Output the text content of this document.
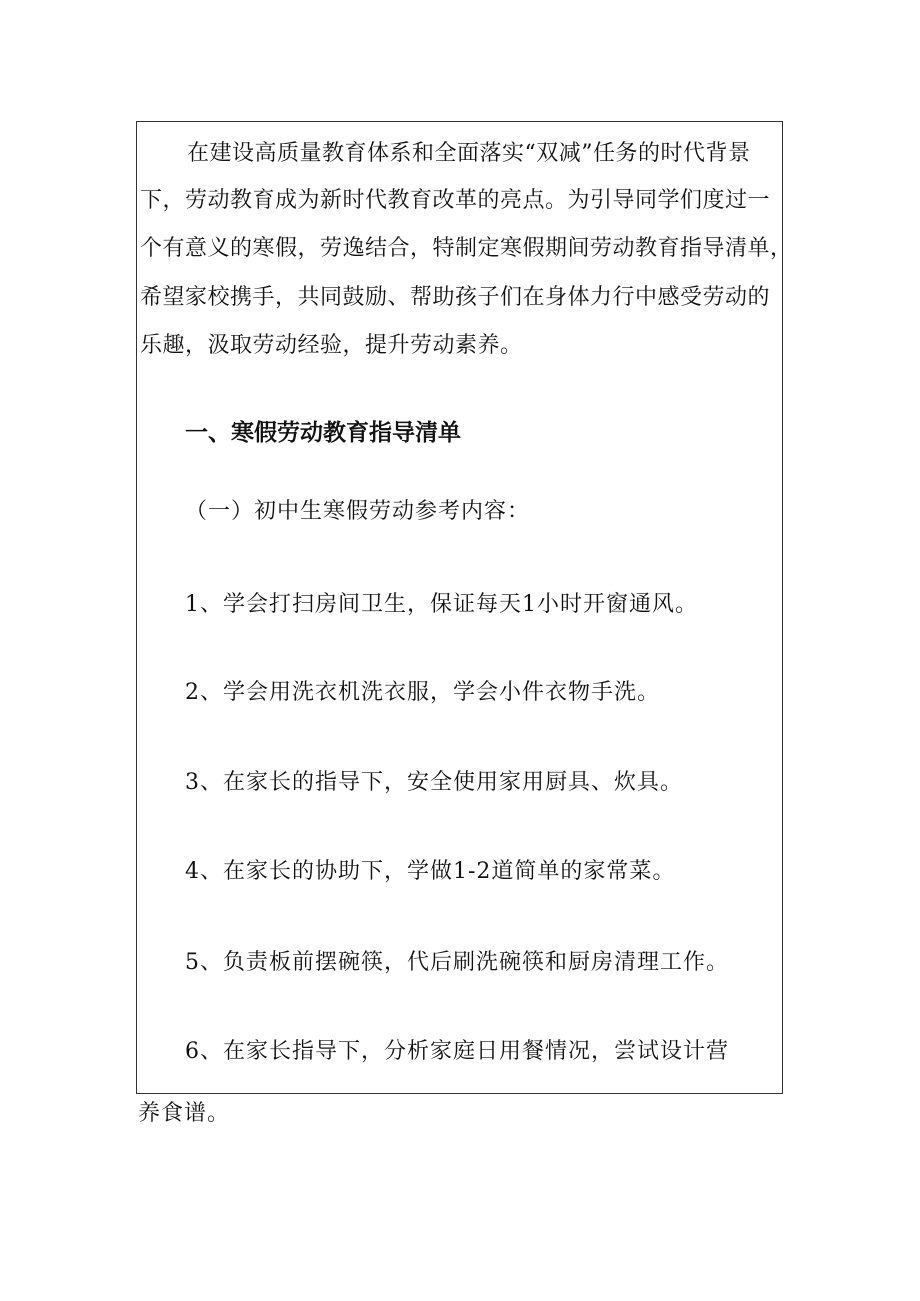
在建设高质量教育体系和全面落实“双减”任务的时代背景
下，劳动教育成为新时代教育改革的亮点。为引导同学们度过一
个有意义的寒假，劳逸结合，特制定寒假期间劳动教育指导清单，
希望家校携手，共同鼓励、帮助孩子们在身体力行中感受劳动的
乐趣，汲取劳动经验，提升劳动素养。
一、寒假劳动教育指导清单
（一）初中生寒假劳动参考内容：
1、学会打扫房间卫生，保证每天1小时开窗通风。
2、学会用洗衣机洗衣服，学会小件衣物手洗。
3、在家长的指导下，安全使用家用厨具、炊具。
4、在家长的协助下，学做1-2道简单的家常菜。
5、负责板前摆碗筷，代后刷洗碗筷和厨房清理工作。
6、在家长指导下，分析家庭日用餐情况，尝试设计营
养食谱。
